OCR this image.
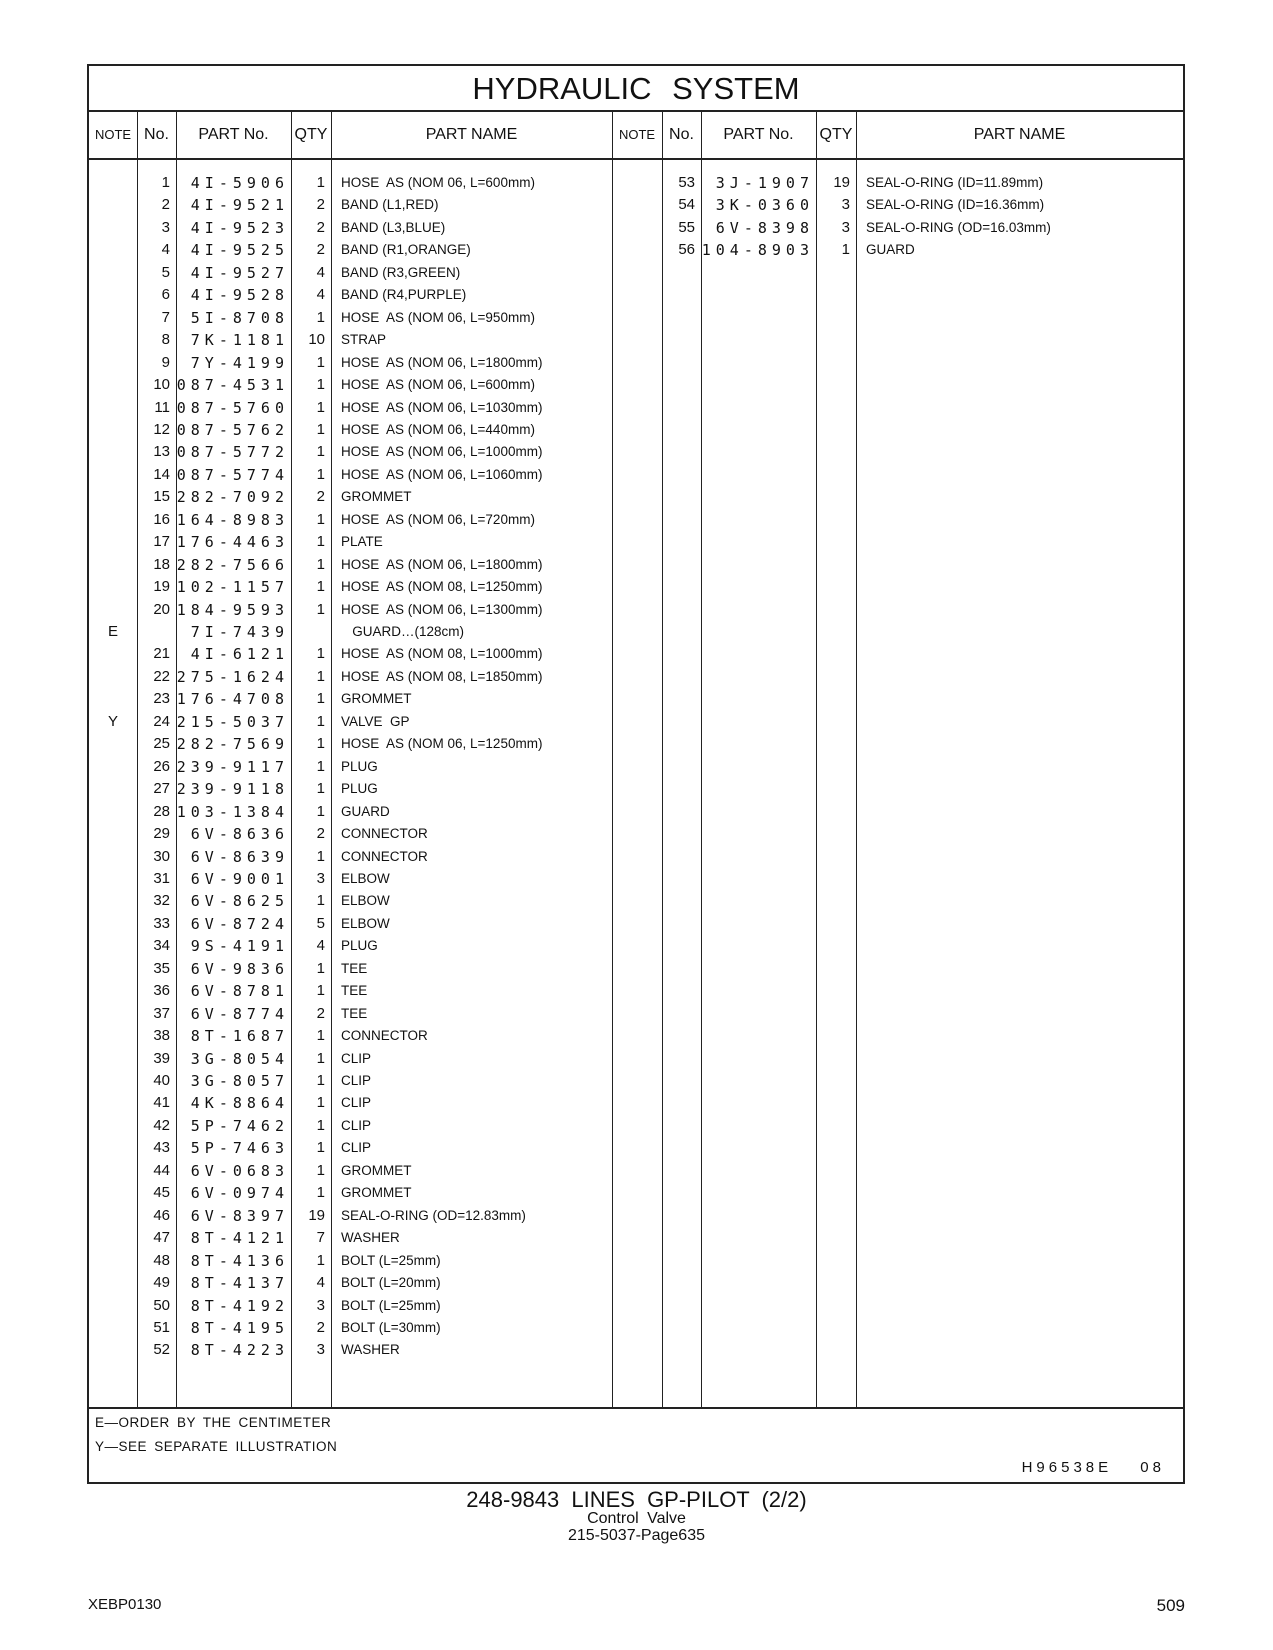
HYDRAULIC SYSTEM
NOTE No.	PART No.	QTY	PART NAME	NOTE No.	PART No.	QTY	PART NAME
1	4I-5906	1 HOSE  AS (NOM 06, L=600mm)
2	4I-9521	2 BAND (L1,RED)
3	4I-9523	2 BAND (L3,BLUE)
4	4I-9525	2 BAND (R1,ORANGE)
5	4I-9527	4 BAND (R3,GREEN)
6	4I-9528	4 BAND (R4,PURPLE)
7	5I-8708	1 HOSE  AS (NOM 06, L=950mm)
8	7K-1181	10 STRAP
9	7Y-4199	1 HOSE  AS (NOM 06, L=1800mm)
10 087-4531	1 HOSE  AS (NOM 06, L=600mm)
11 087-5760	1 HOSE  AS (NOM 06, L=1030mm)
12 087-5762	1 HOSE  AS (NOM 06, L=440mm)
13 087-5772	1 HOSE  AS (NOM 06, L=1000mm)
14 087-5774	1 HOSE  AS (NOM 06, L=1060mm)
15 282-7092	2 GROMMET
16 164-8983	1 HOSE  AS (NOM 06, L=720mm)
17 176-4463	1 PLATE
18 282-7566	1 HOSE  AS (NOM 06, L=1800mm)
19 102-1157	1 HOSE  AS (NOM 08, L=1250mm)
20 184-9593	1 HOSE  AS (NOM 06, L=1300mm)
E	7I-7439	GUARD…(128cm)
21	4I-6121	1 HOSE  AS (NOM 08, L=1000mm)
22 275-1624	1 HOSE  AS (NOM 08, L=1850mm)
23 176-4708	1 GROMMET
Y	24 215-5037	1 VALVE  GP
25 282-7569	1 HOSE  AS (NOM 06, L=1250mm)
26 239-9117	1 PLUG
27 239-9118	1 PLUG
28 103-1384	1 GUARD
29	6V-8636	2 CONNECTOR
30	6V-8639	1 CONNECTOR
31	6V-9001	3 ELBOW
32	6V-8625	1 ELBOW
33	6V-8724	5 ELBOW
34	9S-4191	4 PLUG
35	6V-9836	1 TEE
36	6V-8781	1 TEE
37	6V-8774	2 TEE
38	8T-1687	1 CONNECTOR
39	3G-8054	1 CLIP
40	3G-8057	1 CLIP
41	4K-8864	1 CLIP
42	5P-7462	1 CLIP
43	5P-7463	1 CLIP
44	6V-0683	1 GROMMET
45	6V-0974	1 GROMMET
46	6V-8397	19 SEAL-O-RING (OD=12.83mm)
47	8T-4121	7 WASHER
48	8T-4136	1 BOLT (L=25mm)
49	8T-4137	4 BOLT (L=20mm)
50	8T-4192	3 BOLT (L=25mm)
51	8T-4195	2 BOLT (L=30mm)
52	8T-4223	3 WASHER
53	3J-1907	19 SEAL-O-RING (ID=11.89mm)
54	3K-0360	3 SEAL-O-RING (ID=16.36mm)
55	6V-8398	3 SEAL-O-RING (OD=16.03mm)
56 104-8903	1 GUARD
E―ORDER BY THE CENTIMETER
Y―SEE SEPARATE ILLUSTRATION
H96538E 08
248-9843 LINES GP-PILOT (2/2)
Control Valve
215-5037-Page635
XEBP0130	509
